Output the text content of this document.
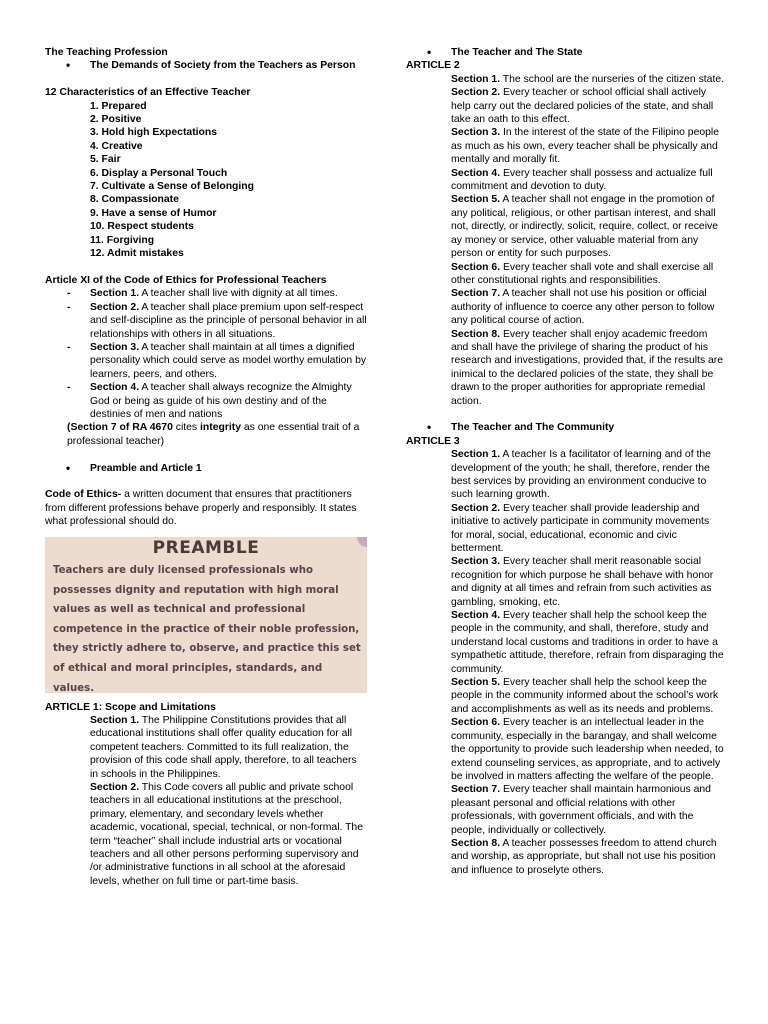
The Teaching Profession
• The Demands of Society from the Teachers as Person
12 Characteristics of an Effective Teacher
1. Prepared
2. Positive
3. Hold high Expectations
4. Creative
5. Fair
6. Display a Personal Touch
7. Cultivate a Sense of Belonging
8. Compassionate
9. Have a sense of Humor
10. Respect students
11. Forgiving
12. Admit mistakes
Article XI of the Code of Ethics for Professional Teachers
- Section 1. A teacher shall live with dignity at all times.
- Section 2. A teacher shall place premium upon self-respect and self-discipline as the principle of personal behavior in all relationships with others in all situations.
- Section 3. A teacher shall maintain at all times a dignified personality which could serve as model worthy emulation by learners, peers, and others.
- Section 4. A teacher shall always recognize the Almighty God or being as guide of his own destiny and of the destinies of men and nations
(Section 7 of RA 4670 cites integrity as one essential trait of a professional teacher)
• Preamble and Article 1
Code of Ethics- a written document that ensures that practitioners from different professions behave properly and responsibly. It states what professional should do.
PREAMBLE
Teachers are duly licensed professionals who possesses dignity and reputation with high moral values as well as technical and professional competence in the practice of their noble profession, they strictly adhere to, observe, and practice this set of ethical and moral principles, standards, and values.
ARTICLE 1: Scope and Limitations
Section 1. The Philippine Constitutions provides that all educational institutions shall offer quality education for all competent teachers. Committed to its full realization, the provision of this code shall apply, therefore, to all teachers in schools in the Philippines.
Section 2. This Code covers all public and private school teachers in all educational institutions at the preschool, primary, elementary, and secondary levels whether academic, vocational, special, technical, or non-formal. The term “teacher” shall include industrial arts or vocational teachers and all other persons performing supervisory and /or administrative functions in all school at the aforesaid levels, whether on full time or part-time basis.
• The Teacher and The State
ARTICLE 2
Section 1. The school are the nurseries of the citizen state.
Section 2. Every teacher or school official shall actively help carry out the declared policies of the state, and shall take an oath to this effect.
Section 3. In the interest of the state of the Filipino people as much as his own, every teacher shall be physically and mentally and morally fit.
Section 4. Every teacher shall possess and actualize full commitment and devotion to duty.
Section 5. A teacher shall not engage in the promotion of any political, religious, or other partisan interest, and shall not, directly, or indirectly, solicit, require, collect, or receive ay money or service, other valuable material from any person or entity for such purposes.
Section 6. Every teacher shall vote and shall exercise all other constitutional rights and responsibilities.
Section 7. A teacher shall not use his position or official authority of influence to coerce any other person to follow any political course of action.
Section 8. Every teacher shall enjoy academic freedom and shall have the privilege of sharing the product of his research and investigations, provided that, if the results are inimical to the declared policies of the state, they shall be drawn to the proper authorities for appropriate remedial action.
• The Teacher and The Community
ARTICLE 3
Section 1. A teacher Is a facilitator of learning and of the development of the youth; he shall, therefore, render the best services by providing an environment conducive to such learning growth.
Section 2. Every teacher shall provide leadership and initiative to actively participate in community movements for moral, social, educational, economic and civic betterment.
Section 3. Every teacher shall merit reasonable social recognition for which purpose he shall behave with honor and dignity at all times and refrain from such activities as gambling, smoking, etc.
Section 4. Every teacher shall help the school keep the people in the community, and shall, therefore, study and understand local customs and traditions in order to have a sympathetic attitude, therefore, refrain from disparaging the community.
Section 5. Every teacher shall help the school keep the people in the community informed about the school’s work and accomplishments as well as its needs and problems.
Section 6. Every teacher is an intellectual leader in the community, especially in the barangay, and shall welcome the opportunity to provide such leadership when needed, to extend counseling services, as appropriate, and to actively be involved in matters affecting the welfare of the people.
Section 7. Every teacher shall maintain harmonious and pleasant personal and official relations with other professionals, with government officials, and with the people, individually or collectively.
Section 8. A teacher possesses freedom to attend church and worship, as appropriate, but shall not use his position and influence to proselyte others.
